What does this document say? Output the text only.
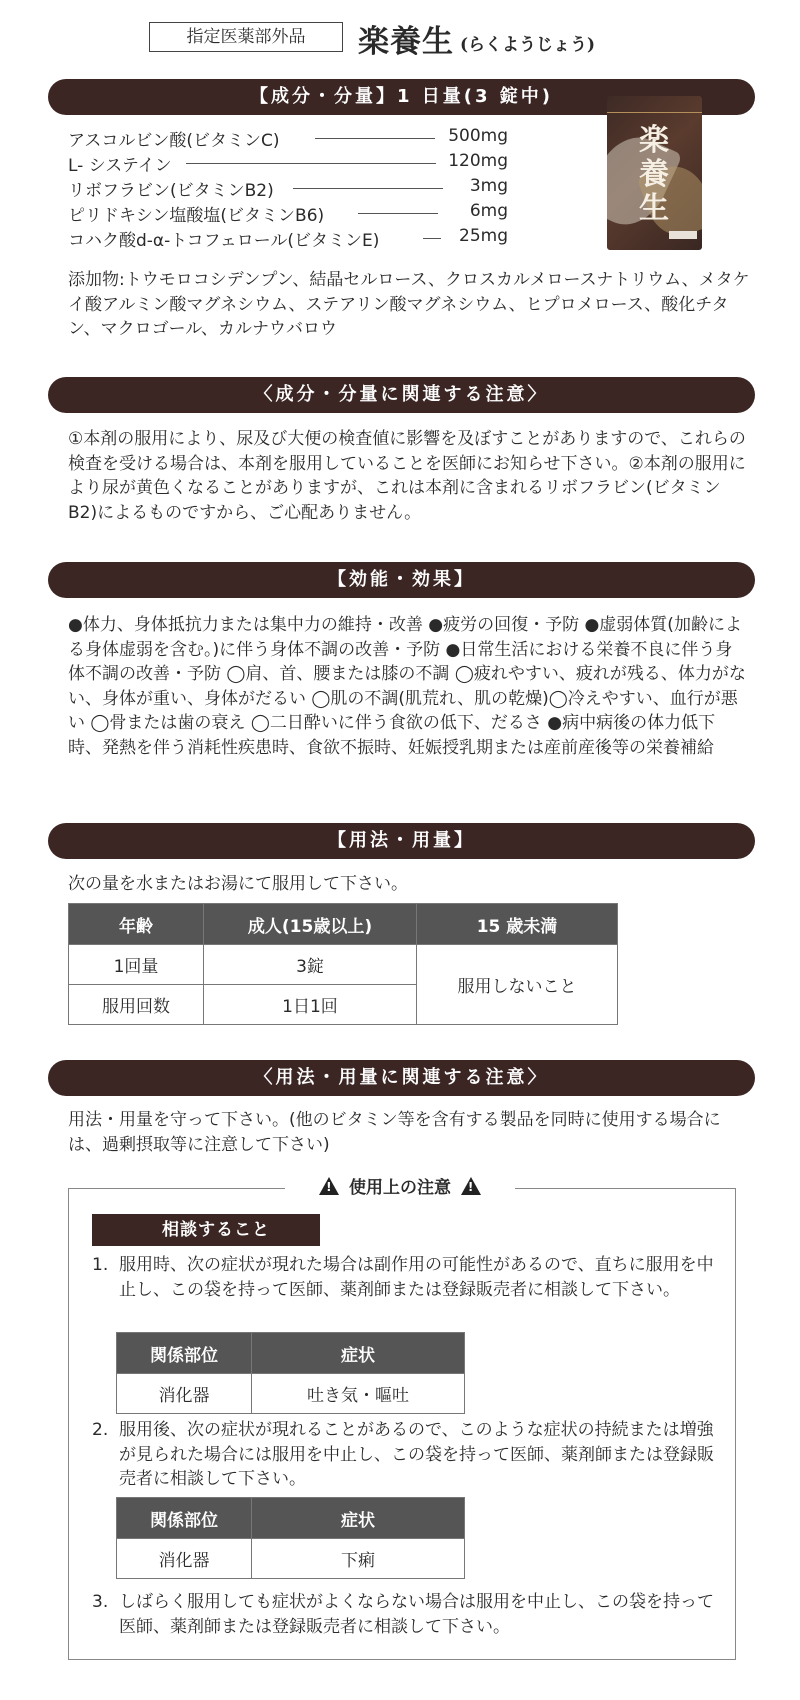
指定医薬部外品	楽養生 (らくようじょう)
【成分・分量】1 日量(3 錠中)
アスコルビン酸(ビタミンC)	500mg
L- システイン	120mg
リボフラビン(ビタミンB2)	3mg
ピリドキシン塩酸塩(ビタミンB6)	6mg
コハク酸d-α-トコフェロール(ビタミンE)	25mg
楽養生
添加物:トウモロコシデンプン、結晶セルロース、クロスカルメロースナトリウム、メタケイ酸アルミン酸マグネシウム、ステアリン酸マグネシウム、ヒプロメロース、酸化チタン、マクロゴール、カルナウバロウ
〈成分・分量に関連する注意〉
①本剤の服用により、尿及び大便の検査値に影響を及ぼすことがありますので、これらの検査を受ける場合は、本剤を服用していることを医師にお知らせ下さい。②本剤の服用により尿が黄色くなることがありますが、これは本剤に含まれるリボフラビン(ビタミン B2)によるものですから、ご心配ありません。
【効能・効果】
●体力、身体抵抗力または集中力の維持・改善 ●疲労の回復・予防 ●虚弱体質(加齢による身体虚弱を含む。)に伴う身体不調の改善・予防 ●日常生活における栄養不良に伴う身体不調の改善・予防 ◯肩、首、腰または膝の不調 ◯疲れやすい、疲れが残る、体力がない、身体が重い、身体がだるい ◯肌の不調(肌荒れ、肌の乾燥)◯冷えやすい、血行が悪い ◯骨または歯の衰え ◯二日酔いに伴う食欲の低下、だるさ ●病中病後の体力低下時、発熱を伴う消耗性疾患時、食欲不振時、妊娠授乳期または産前産後等の栄養補給
【用法・用量】
次の量を水またはお湯にて服用して下さい。
年齢	成人(15歳以上)	15 歳未満
1回量	3錠	服用しないこと
服用回数	1日1回	
〈用法・用量に関連する注意〉
用法・用量を守って下さい。(他のビタミン等を含有する製品を同時に使用する場合には、過剰摂取等に注意して下さい)
! 使用上の注意 !
相談すること
1. 服用時、次の症状が現れた場合は副作用の可能性があるので、直ちに服用を中止し、この袋を持って医師、薬剤師または登録販売者に相談して下さい。
関係部位	症状
消化器	吐き気・嘔吐
2. 服用後、次の症状が現れることがあるので、このような症状の持続または増強が見られた場合には服用を中止し、この袋を持って医師、薬剤師または登録販売者に相談して下さい。
関係部位	症状
消化器	下痢
3. しばらく服用しても症状がよくならない場合は服用を中止し、この袋を持って医師、薬剤師または登録販売者に相談して下さい。
